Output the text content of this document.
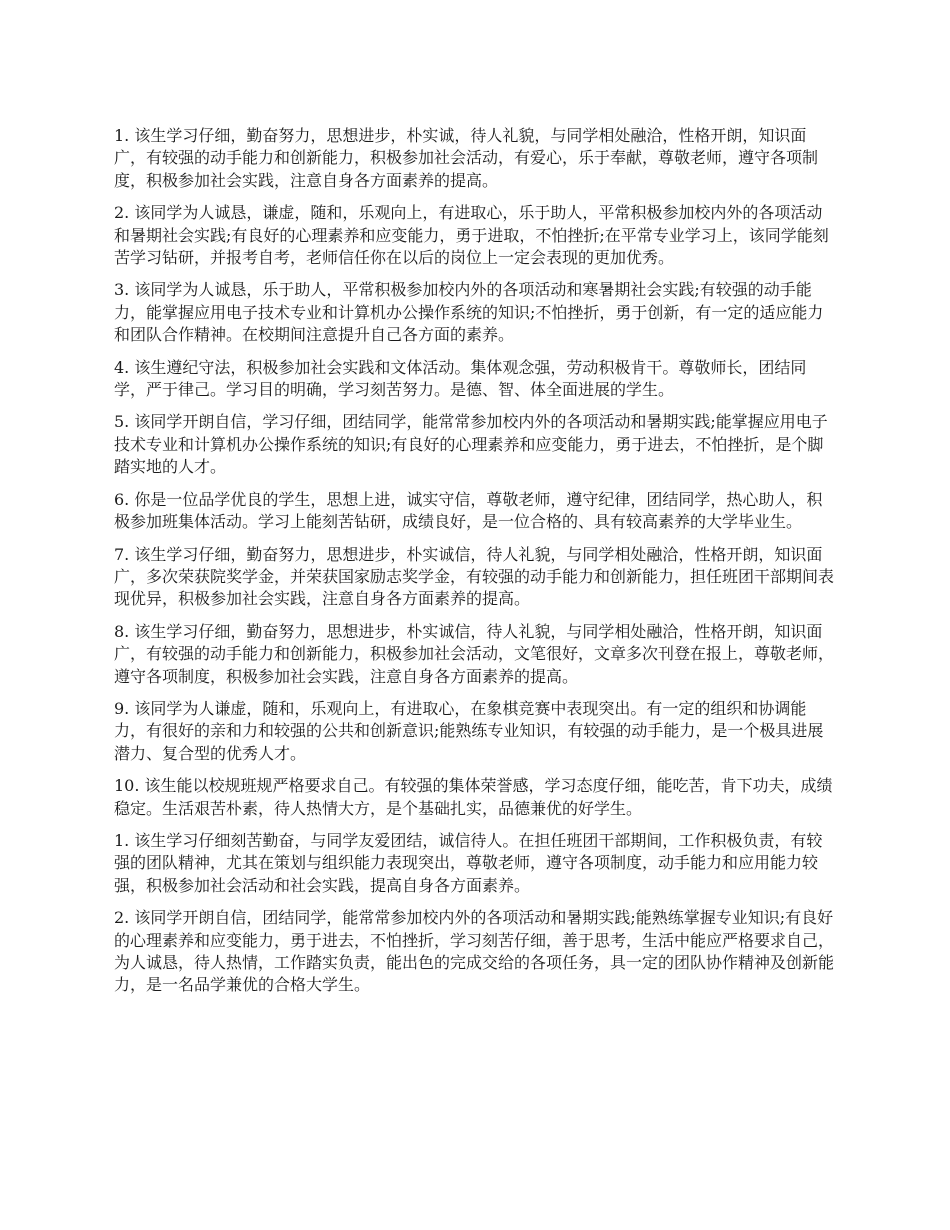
1. 该生学习仔细，勤奋努力，思想进步，朴实诚，待人礼貌，与同学相处融洽，性格开朗，知识面广，有较强的动手能力和创新能力，积极参加社会活动，有爱心，乐于奉献，尊敬老师，遵守各项制度，积极参加社会实践，注意自身各方面素养的提高。

2. 该同学为人诚恳，谦虚，随和，乐观向上，有进取心，乐于助人，平常积极参加校内外的各项活动和暑期社会实践;有良好的心理素养和应变能力，勇于进取，不怕挫折;在平常专业学习上，该同学能刻苦学习钻研，并报考自考，老师信任你在以后的岗位上一定会表现的更加优秀。

3. 该同学为人诚恳，乐于助人，平常积极参加校内外的各项活动和寒暑期社会实践;有较强的动手能力，能掌握应用电子技术专业和计算机办公操作系统的知识;不怕挫折，勇于创新，有一定的适应能力和团队合作精神。在校期间注意提升自己各方面的素养。

4. 该生遵纪守法，积极参加社会实践和文体活动。集体观念强，劳动积极肯干。尊敬师长，团结同学，严于律己。学习目的明确，学习刻苦努力。是德、智、体全面进展的学生。

5. 该同学开朗自信，学习仔细，团结同学，能常常参加校内外的各项活动和暑期实践;能掌握应用电子技术专业和计算机办公操作系统的知识;有良好的心理素养和应变能力，勇于进去，不怕挫折，是个脚踏实地的人才。

6. 你是一位品学优良的学生，思想上进，诚实守信，尊敬老师，遵守纪律，团结同学，热心助人，积极参加班集体活动。学习上能刻苦钻研，成绩良好，是一位合格的、具有较高素养的大学毕业生。

7. 该生学习仔细，勤奋努力，思想进步，朴实诚信，待人礼貌，与同学相处融洽，性格开朗，知识面广，多次荣获院奖学金，并荣获国家励志奖学金，有较强的动手能力和创新能力，担任班团干部期间表现优异，积极参加社会实践，注意自身各方面素养的提高。

8. 该生学习仔细，勤奋努力，思想进步，朴实诚信，待人礼貌，与同学相处融洽，性格开朗，知识面广，有较强的动手能力和创新能力，积极参加社会活动，文笔很好，文章多次刊登在报上，尊敬老师，遵守各项制度，积极参加社会实践，注意自身各方面素养的提高。

9. 该同学为人谦虚，随和，乐观向上，有进取心，在象棋竞赛中表现突出。有一定的组织和协调能力，有很好的亲和力和较强的公共和创新意识;能熟练专业知识，有较强的动手能力，是一个极具进展潜力、复合型的优秀人才。

10. 该生能以校规班规严格要求自己。有较强的集体荣誉感，学习态度仔细，能吃苦，肯下功夫，成绩稳定。生活艰苦朴素，待人热情大方，是个基础扎实，品德兼优的好学生。

1. 该生学习仔细刻苦勤奋，与同学友爱团结，诚信待人。在担任班团干部期间，工作积极负责，有较强的团队精神，尤其在策划与组织能力表现突出，尊敬老师，遵守各项制度，动手能力和应用能力较强，积极参加社会活动和社会实践，提高自身各方面素养。

2. 该同学开朗自信，团结同学，能常常参加校内外的各项活动和暑期实践;能熟练掌握专业知识;有良好的心理素养和应变能力，勇于进去，不怕挫折，学习刻苦仔细，善于思考，生活中能应严格要求自己，为人诚恳，待人热情，工作踏实负责，能出色的完成交给的各项任务，具一定的团队协作精神及创新能力，是一名品学兼优的合格大学生。
